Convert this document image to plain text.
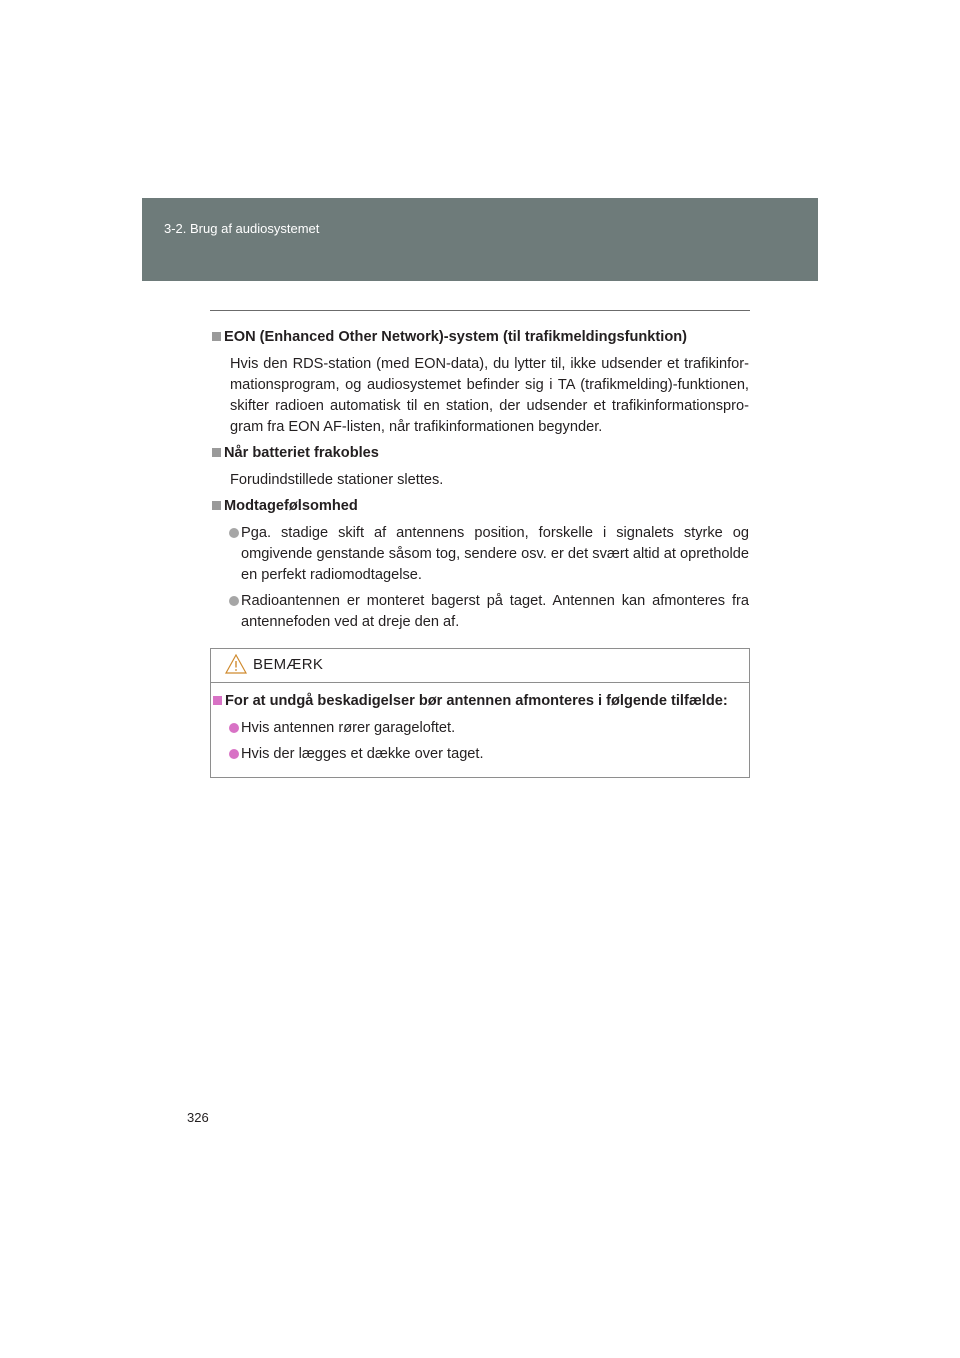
3-2. Brug af audiosystemet
EON (Enhanced Other Network)-system (til trafikmeldingsfunktion)
Hvis den RDS-station (med EON-data), du lytter til, ikke udsender et trafikinfor-mationsprogram, og audiosystemet befinder sig i TA (trafikmelding)-funktionen, skifter radioen automatisk til en station, der udsender et trafikinformationspro-gram fra EON AF-listen, når trafikinformationen begynder.
Når batteriet frakobles
Forudindstillede stationer slettes.
Modtagefølsomhed
Pga. stadige skift af antennens position, forskelle i signalets styrke og omgivende genstande såsom tog, sendere osv. er det svært altid at opretholde en perfekt radiomodtagelse.
Radioantennen er monteret bagerst på taget. Antennen kan afmonteres fra antennefoden ved at dreje den af.
BEMÆRK
For at undgå beskadigelser bør antennen afmonteres i følgende tilfælde:
Hvis antennen rører garageloftet.
Hvis der lægges et dække over taget.
326
